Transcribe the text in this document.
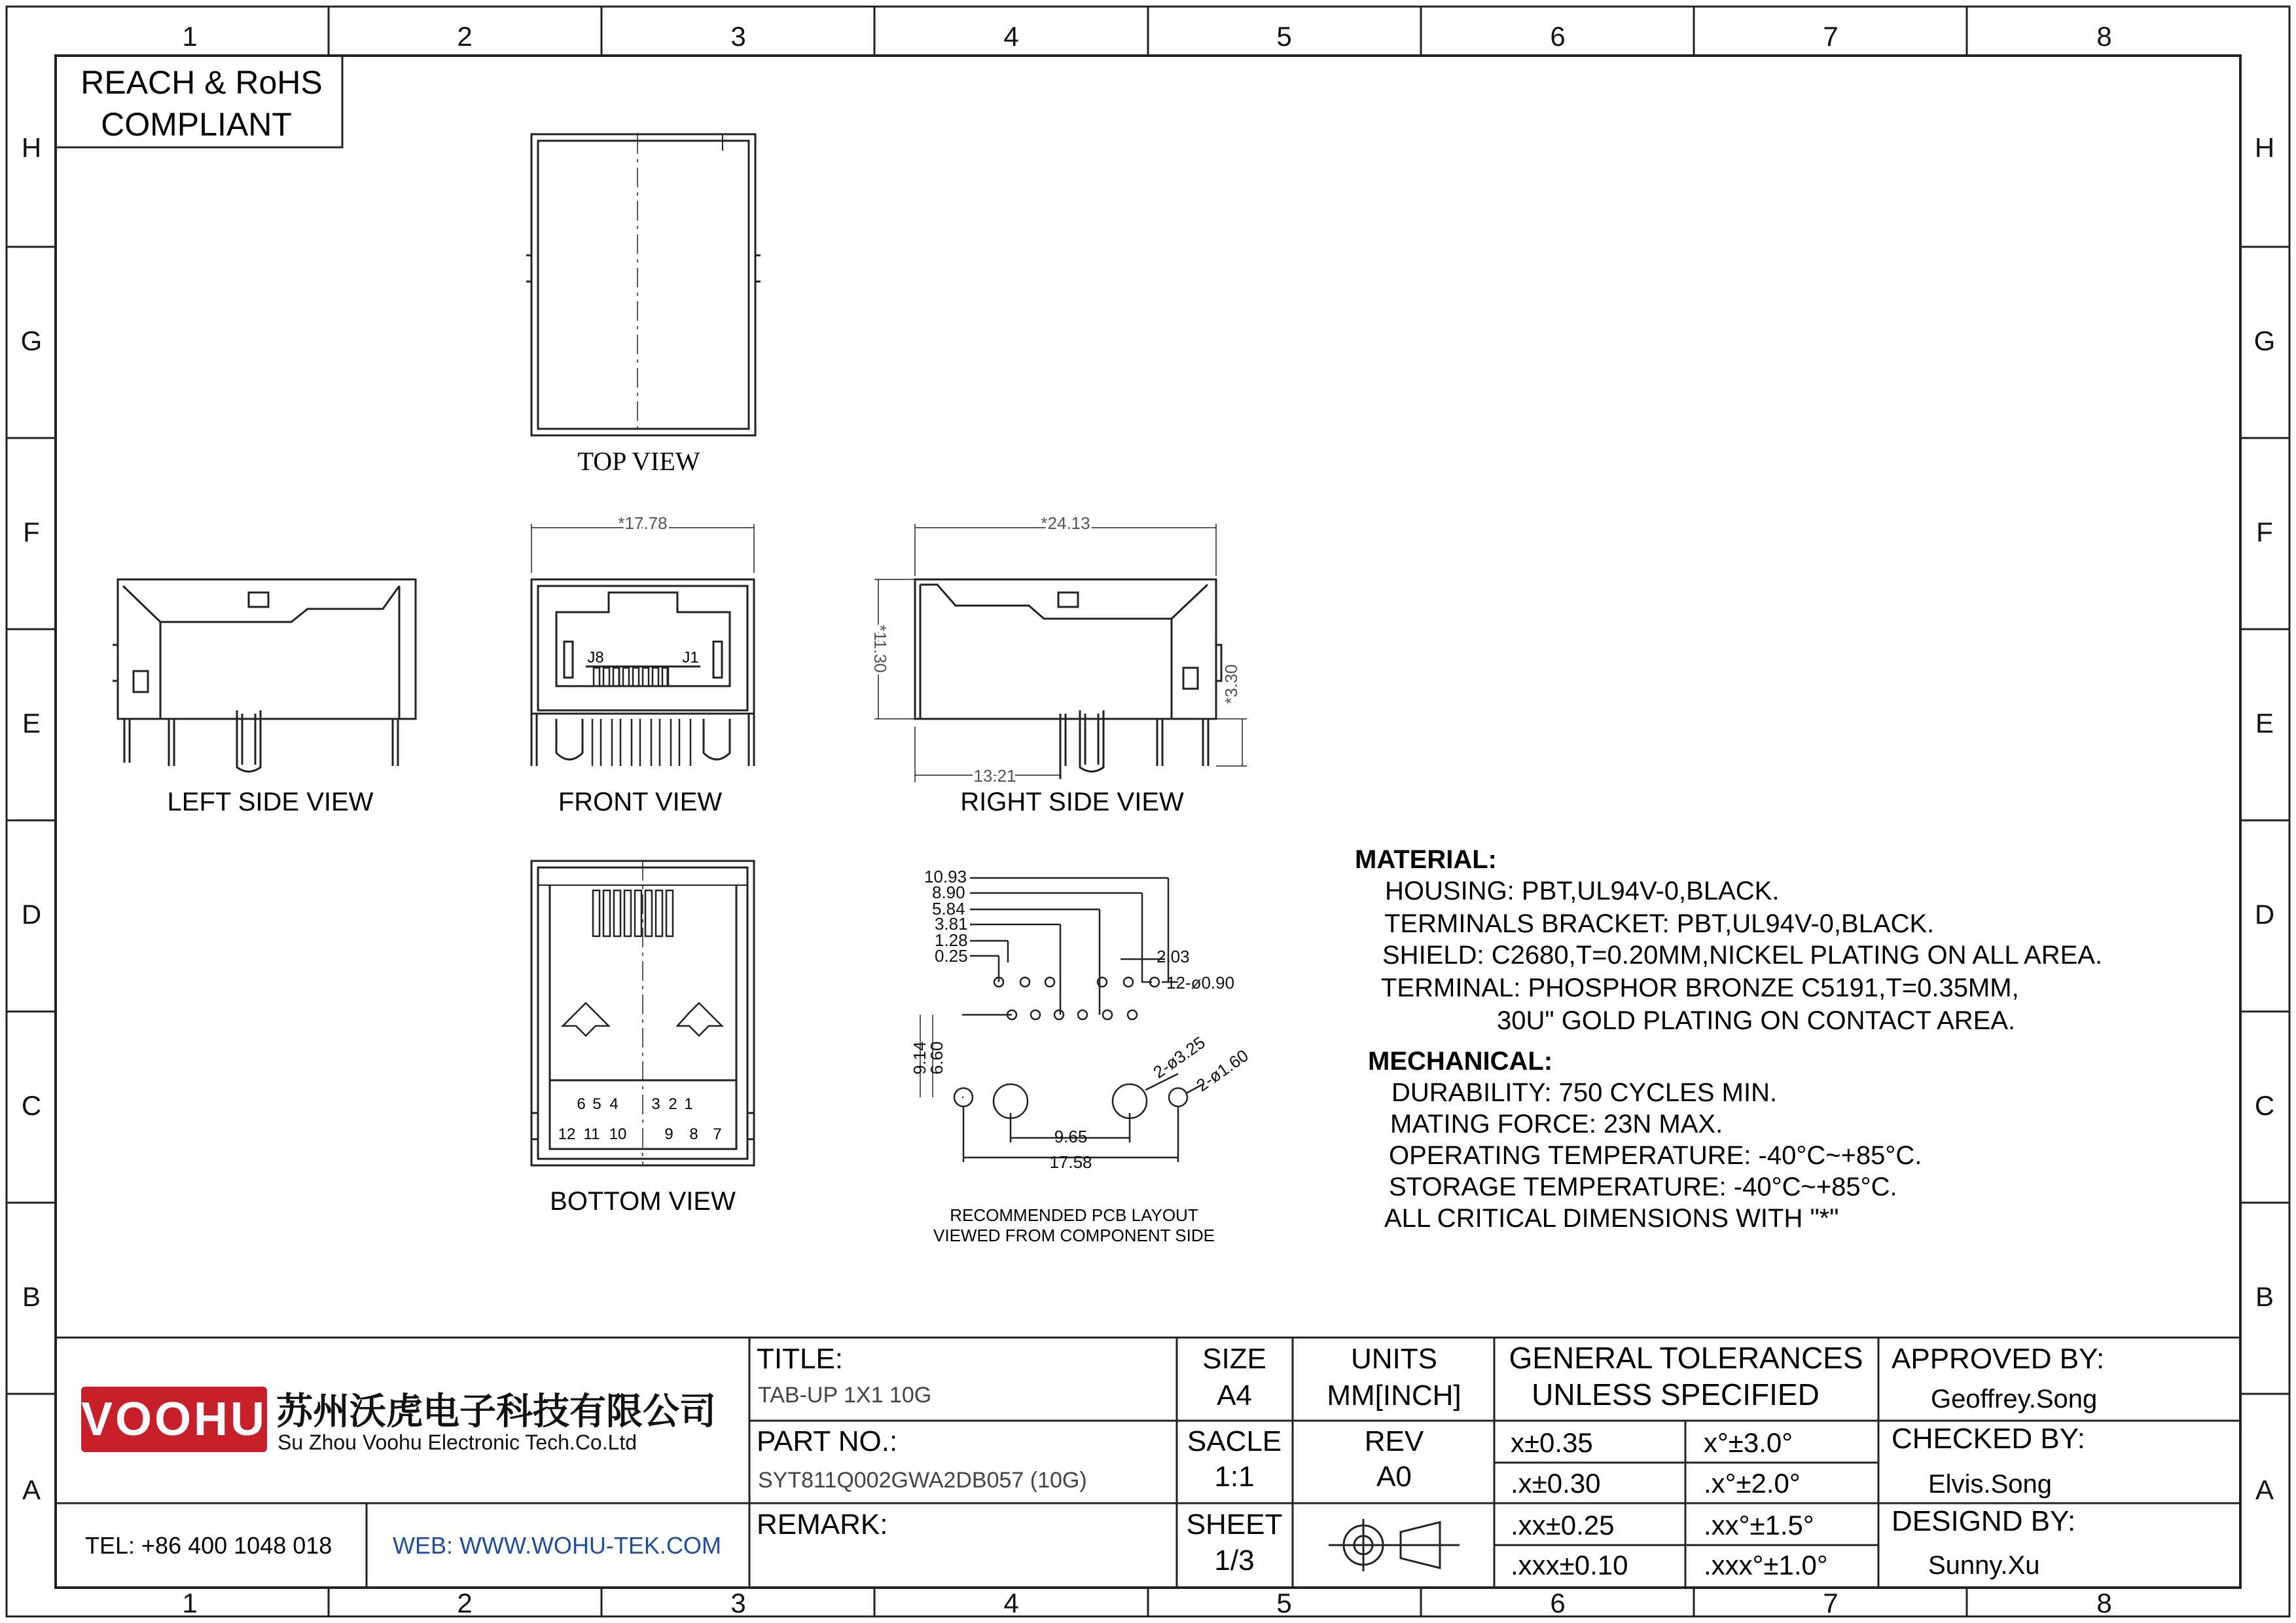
1
1
2
2
3
3
4
4
5
5
6
6
7
7
8
8
H	H
G	G
F	F
E	E
D	D
C	C
B	B
A	A
REACH & RoHS
COMPLIANT
TOP VIEW
LEFT SIDE VIEW
*17.78
J8	J1
FRONT VIEW
*24.13
*11.30
*3.30
13.21
RIGHT SIDE VIEW
6 5 4 3 2 1
12 11 10 9 8 7
BOTTOM VIEW
10.93
8.90
5.84
3.81
1.28
0.25	2.03
12-ø0.90
9.14
6.60	2-ø3.25
2-ø1.60
9.65
17.58
RECOMMENDED PCB LAYOUT
VIEWED FROM COMPONENT SIDE
MATERIAL:
HOUSING: PBT,UL94V-0,BLACK.
TERMINALS BRACKET: PBT,UL94V-0,BLACK.
SHIELD: C2680,T=0.20MM,NICKEL PLATING ON ALL AREA.
TERMINAL: PHOSPHOR BRONZE C5191,T=0.35MM,
30U" GOLD PLATING ON CONTACT AREA.
MECHANICAL:
DURABILITY: 750 CYCLES MIN.
MATING FORCE: 23N MAX.
OPERATING TEMPERATURE: -40°C~+85°C.
STORAGE TEMPERATURE: -40°C~+85°C.
ALL CRITICAL DIMENSIONS WITH "*"
VOOHU 苏州沃虎电子科技有限公司
Su Zhou Voohu Electronic Tech.Co.Ltd
TEL: +86 400 1048 018	WEB: WWW.WOHU-TEK.COM
TITLE:
TAB-UP 1X1 10G
PART NO.:
SYT811Q002GWA2DB057 (10G)
REMARK:
SIZE
A4
SACLE
1:1
SHEET
1/3
UNITS
MM[INCH]
REV
A0
GENERAL TOLERANCES
UNLESS SPECIFIED
x±0.35	x°±3.0°
.x±0.30	.x°±2.0°
.xx±0.25	.xx°±1.5°
.xxx±0.10	.xxx°±1.0°
APPROVED BY:
Geoffrey.Song
CHECKED BY:
Elvis.Song
DESIGND BY:
Sunny.Xu
